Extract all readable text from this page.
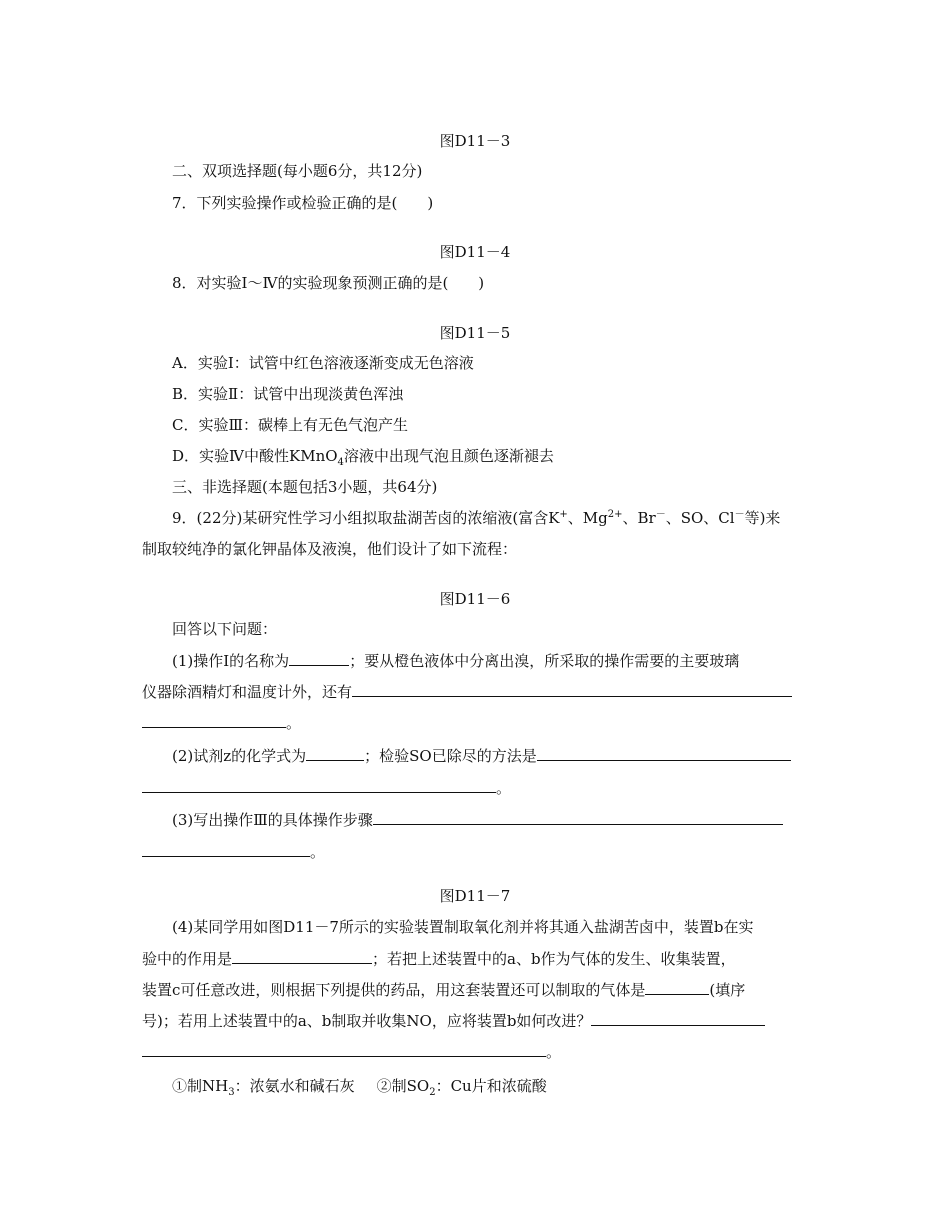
图D11－3
二、双项选择题(每小题6分，共12分)
7．下列实验操作或检验正确的是(　　)
图D11－4
8．对实验Ⅰ～Ⅳ的实验现象预测正确的是(　　)
图D11－5
A．实验Ⅰ：试管中红色溶液逐渐变成无色溶液
B．实验Ⅱ：试管中出现淡黄色浑浊
C．实验Ⅲ：碳棒上有无色气泡产生
D．实验Ⅳ中酸性KMnO$_4$溶液中出现气泡且颜色逐渐褪去
三、非选择题(本题包括3小题，共64分)
9．(22分)某研究性学习小组拟取盐湖苦卤的浓缩液(富含K+、$Mg^{2+}$、Br－、SO、Cl－等)来
制取较纯净的氯化钾晶体及液溴，他们设计了如下流程：
图D11－6
回答以下问题：
(1)操作Ⅰ的名称为	；要从橙色液体中分离出溴，所采取的操作需要的主要玻璃
仪器除酒精灯和温度计外，还有
。
(2)试剂z的化学式为	；检验SO已除尽的方法是
。
(3)写出操作Ⅲ的具体操作步骤
。
图D11－7
(4)某同学用如图D11－7所示的实验装置制取氧化剂并将其通入盐湖苦卤中，装置b在实
验中的作用是	；若把上述装置中的a、b作为气体的发生、收集装置，
装置c可任意改进，则根据下列提供的药品，用这套装置还可以制取的气体是	(填序
号)；若用上述装置中的a、b制取并收集NO，应将装置b如何改进？
。
①制$NH_3$：浓氨水和碱石灰 ②制$SO_2$：Cu片和浓硫酸
